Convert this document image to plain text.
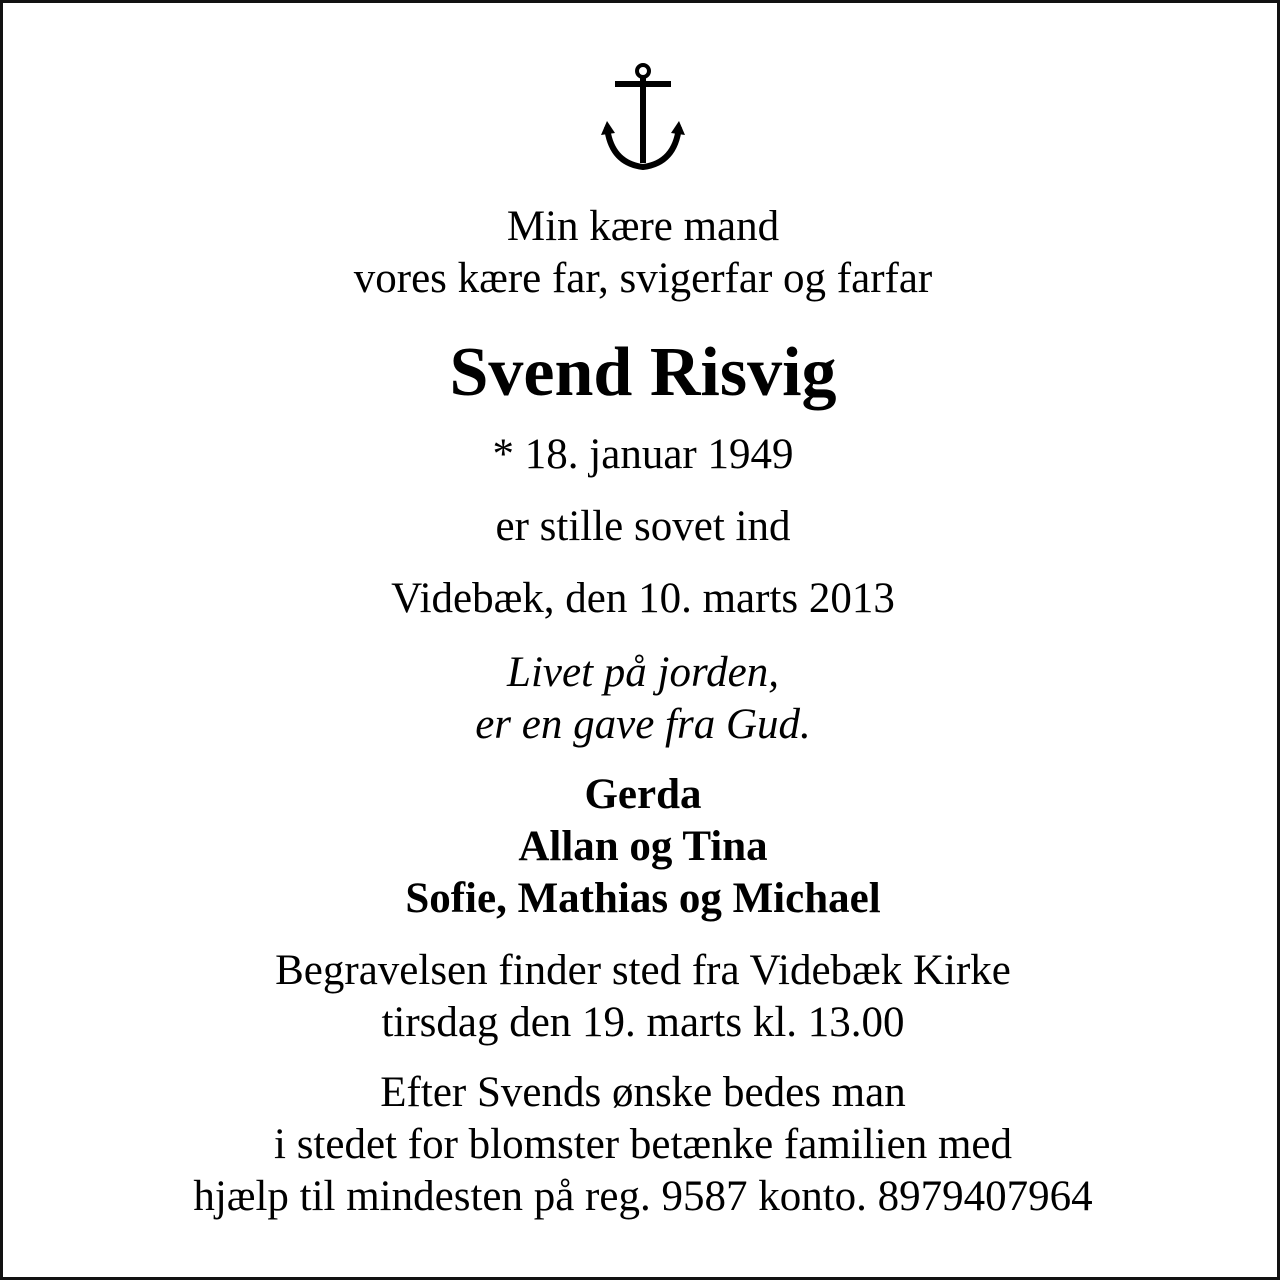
Min kære mand
vores kære far, svigerfar og farfar
Svend Risvig
* 18. januar 1949
er stille sovet ind
Videbæk, den 10. marts 2013
Livet på jorden,
er en gave fra Gud.
Gerda
Allan og Tina
Sofie, Mathias og Michael
Begravelsen finder sted fra Videbæk Kirke
tirsdag den 19. marts kl. 13.00
Efter Svends ønske bedes man
i stedet for blomster betænke familien med
hjælp til mindesten på reg. 9587 konto. 8979407964
